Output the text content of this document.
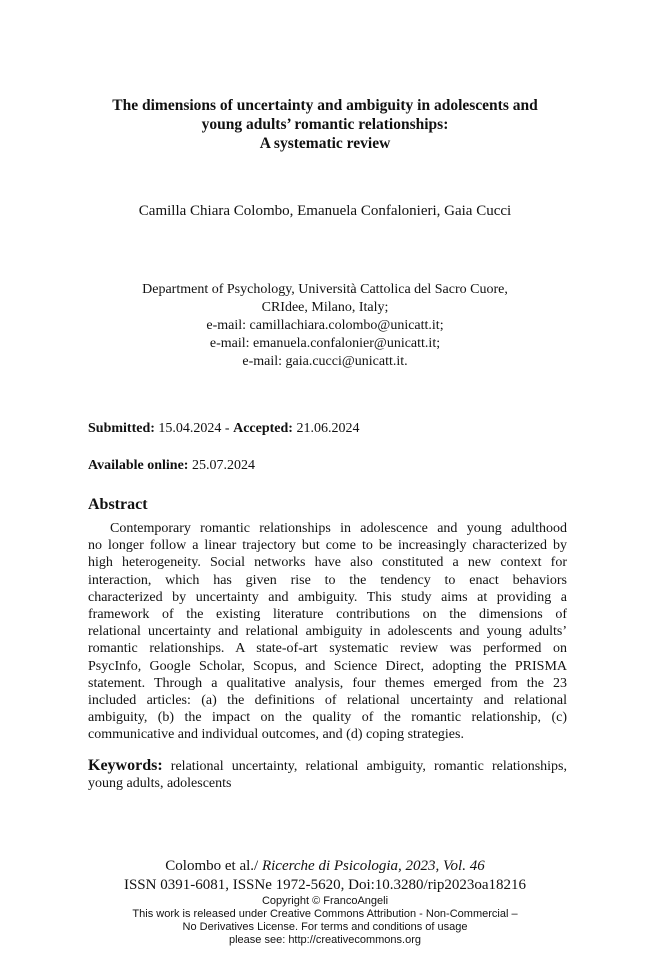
The dimensions of uncertainty and ambiguity in adolescents and
young adults’ romantic relationships:
A systematic review
Camilla Chiara Colombo, Emanuela Confalonieri, Gaia Cucci
Department of Psychology, Università Cattolica del Sacro Cuore,
CRIdee, Milano, Italy;
e-mail: camillachiara.colombo@unicatt.it;
e-mail: emanuela.confalonier@unicatt.it;
e-mail: gaia.cucci@unicatt.it.
Submitted: 15.04.2024 - Accepted: 21.06.2024
Available online: 25.07.2024
Abstract
Contemporary romantic relationships in adolescence and young adulthood
no longer follow a linear trajectory but come to be increasingly characterized by
high heterogeneity. Social networks have also constituted a new context for
interaction, which has given rise to the tendency to enact behaviors
characterized by uncertainty and ambiguity. This study aims at providing a
framework of the existing literature contributions on the dimensions of
relational uncertainty and relational ambiguity in adolescents and young adults’
romantic relationships. A state-of-art systematic review was performed on
PsycInfo, Google Scholar, Scopus, and Science Direct, adopting the PRISMA
statement. Through a qualitative analysis, four themes emerged from the 23
included articles: (a) the definitions of relational uncertainty and relational
ambiguity, (b) the impact on the quality of the romantic relationship, (c)
communicative and individual outcomes, and (d) coping strategies.
Keywords: relational uncertainty, relational ambiguity, romantic relationships,
young adults, adolescents
Colombo et al./ Ricerche di Psicologia, 2023, Vol. 46
ISSN 0391-6081, ISSNe 1972-5620, Doi:10.3280/rip2023oa18216
Copyright © FrancoAngeli
This work is released under Creative Commons Attribution - Non-Commercial –
No Derivatives License. For terms and conditions of usage
please see: http://creativecommons.org
